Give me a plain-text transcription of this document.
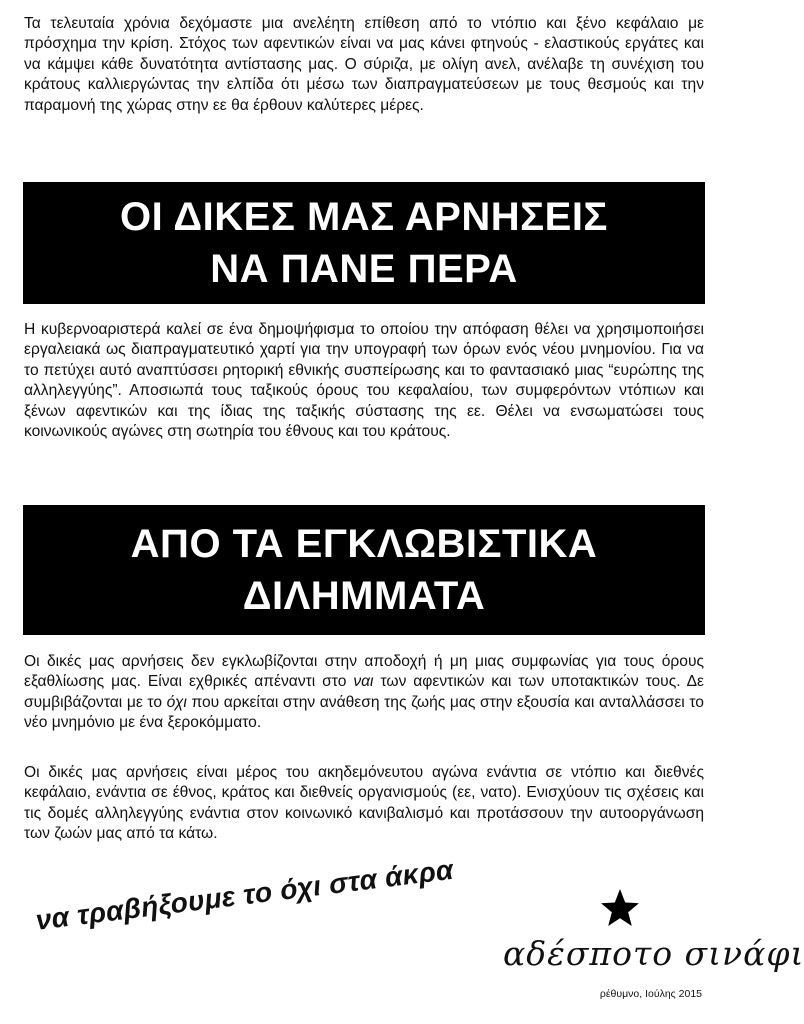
Τα τελευταία χρόνια δεχόμαστε μια ανελέητη επίθεση από το ντόπιο και ξένο κεφάλαιο με πρόσχημα την κρίση. Στόχος των αφεντικών είναι να μας κάνει φτηνούς - ελαστικούς εργάτες και να κάμψει κάθε δυνατότητα αντίστασης μας. Ο σύριζα, με ολίγη ανελ, ανέλαβε τη συνέχιση του κράτους καλλιεργώντας την ελπίδα ότι μέσω των διαπραγματεύσεων με τους θεσμούς και την παραμονή της χώρας στην εε θα έρθουν καλύτερες μέρες.

ΟΙ ΔΙΚΕΣ ΜΑΣ ΑΡΝΗΣΕΙΣ
ΝΑ ΠΑΝΕ ΠΕΡΑ

Η κυβερνοαριστερά καλεί σε ένα δημοψήφισμα το οποίου την απόφαση θέλει να χρησιμοποιήσει εργαλειακά ως διαπραγματευτικό χαρτί για την υπογραφή των όρων ενός νέου μνημονίου. Για να το πετύχει αυτό αναπτύσσει ρητορική εθνικής συσπείρωσης και το φαντασιακό μιας “ευρώπης της αλληλεγγύης”. Αποσιωπά τους ταξικούς όρους του κεφαλαίου, των συμφερόντων ντόπιων και ξένων αφεντικών και της ίδιας της ταξικής σύστασης της εε. Θέλει να ενσωματώσει τους κοινωνικούς αγώνες στη σωτηρία του έθνους και του κράτους.

ΑΠΟ ΤΑ ΕΓΚΛΩΒΙΣΤΙΚΑ
ΔΙΛΗΜΜΑΤΑ

Οι δικές μας αρνήσεις δεν εγκλωβίζονται στην αποδοχή ή μη μιας συμφωνίας για τους όρους εξαθλίωσης μας. Είναι εχθρικές απέναντι στο ναι των αφεντικών και των υποτακτικών τους. Δε συμβιβάζονται με το όχι που αρκείται στην ανάθεση της ζωής μας στην εξουσία και ανταλλάσσει το νέο μνημόνιο με ένα ξεροκόμματο.

Οι δικές μας αρνήσεις είναι μέρος του ακηδεμόνευτου αγώνα ενάντια σε ντόπιο και διεθνές κεφάλαιο, ενάντια σε έθνος, κράτος και διεθνείς οργανισμούς (εε, νατο). Ενισχύουν τις σχέσεις και τις δομές αλληλεγγύης ενάντια στον κοινωνικό κανιβαλισμό και προτάσσουν την αυτοοργάνωση των ζωών μας από τα κάτω.

να τραβήξουμε το όχι στα άκρα
αδέσποτο σινάφι
ρέθυμνο, Ιούλης 2015
